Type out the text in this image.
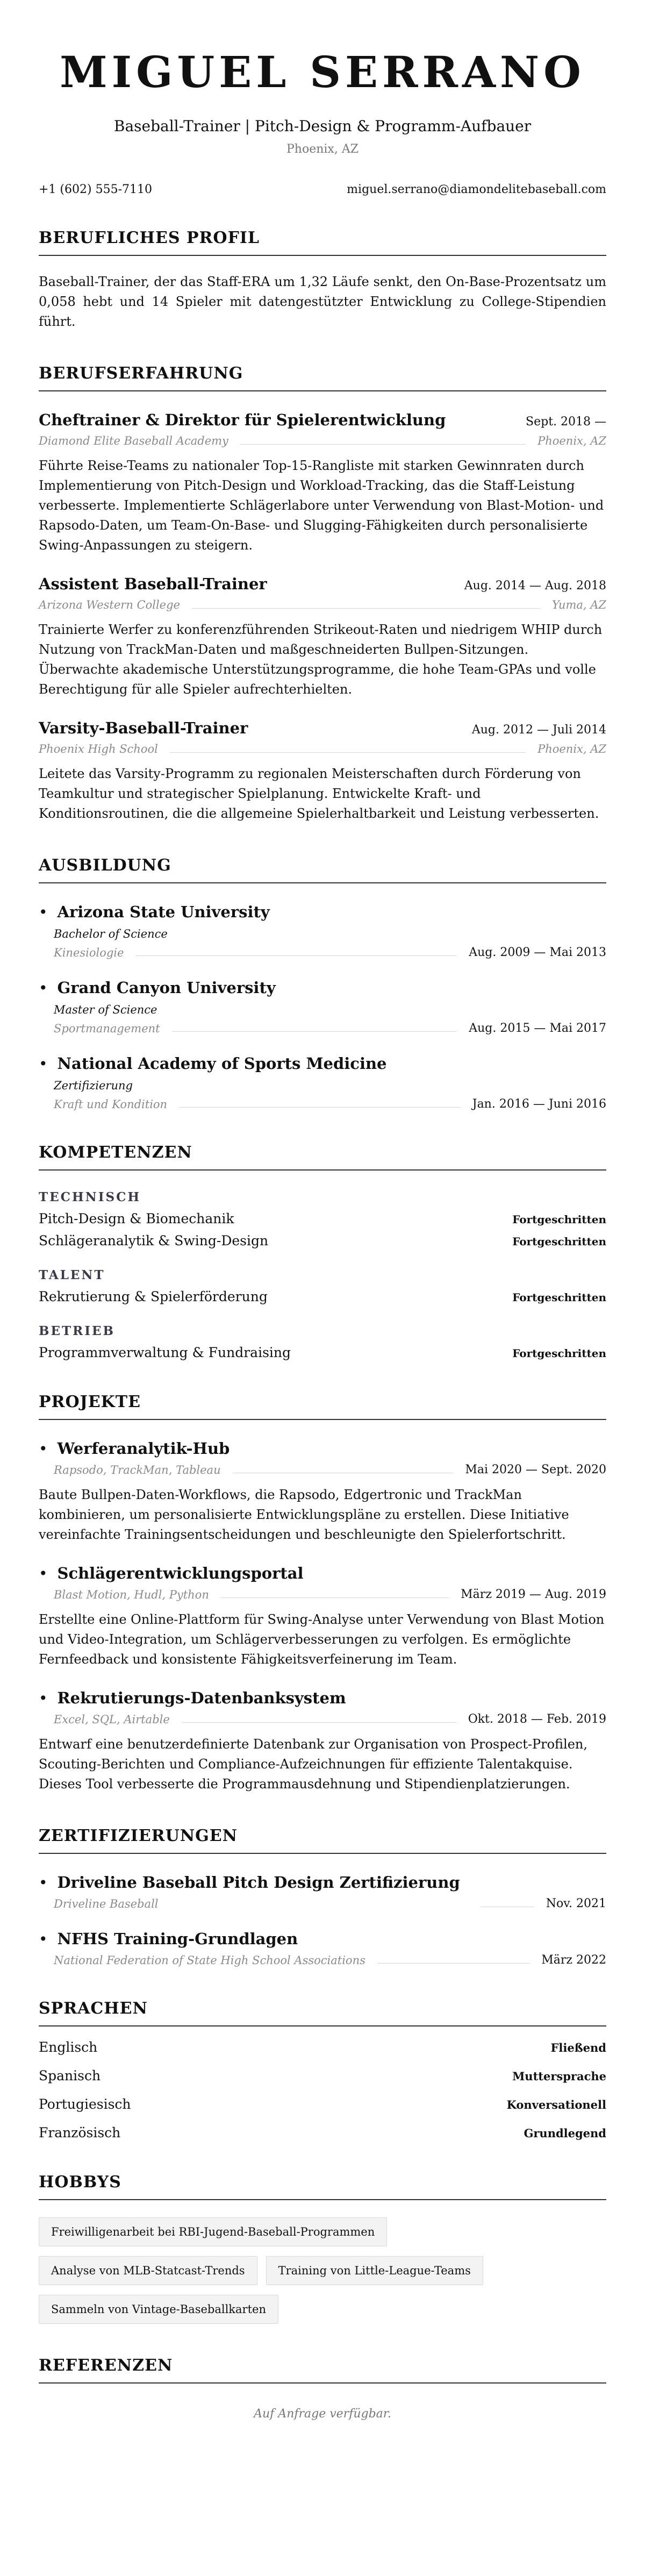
MIGUEL SERRANO
Baseball-Trainer | Pitch-Design & Programm-Aufbauer
Phoenix, AZ
+1 (602) 555-7110	miguel.serrano@diamondelitebaseball.com
BERUFLICHES PROFIL
Baseball-Trainer, der das Staff-ERA um 1,32 Läufe senkt, den On-Base-Prozentsatz um 0,058 hebt und 14 Spieler mit datengestützter Entwicklung zu College-Stipendien führt.
BERUFSERFAHRUNG
Cheftrainer & Direktor für Spielerentwicklung	Sept. 2018 —
Diamond Elite Baseball Academy	Phoenix, AZ
Führte Reise-Teams zu nationaler Top-15-Rangliste mit starken Gewinnraten durch Implementierung von Pitch-Design und Workload-Tracking, das die Staff-Leistung verbesserte. Implementierte Schlägerlabore unter Verwendung von Blast-Motion- und Rapsodo-Daten, um Team-On-Base- und Slugging-Fähigkeiten durch personalisierte Swing-Anpassungen zu steigern.
Assistent Baseball-Trainer	Aug. 2014 — Aug. 2018
Arizona Western College	Yuma, AZ
Trainierte Werfer zu konferenzführenden Strikeout-Raten und niedrigem WHIP durch Nutzung von TrackMan-Daten und maßgeschneiderten Bullpen-Sitzungen. Überwachte akademische Unterstützungsprogramme, die hohe Team-GPAs und volle Berechtigung für alle Spieler aufrechterhielten.
Varsity-Baseball-Trainer	Aug. 2012 — Juli 2014
Phoenix High School	Phoenix, AZ
Leitete das Varsity-Programm zu regionalen Meisterschaften durch Förderung von Teamkultur und strategischer Spielplanung. Entwickelte Kraft- und Konditionsroutinen, die die allgemeine Spielerhaltbarkeit und Leistung verbesserten.
AUSBILDUNG
• Arizona State University
Bachelor of Science
Kinesiologie	Aug. 2009 — Mai 2013
• Grand Canyon University
Master of Science
Sportmanagement	Aug. 2015 — Mai 2017
• National Academy of Sports Medicine
Zertifizierung
Kraft und Kondition	Jan. 2016 — Juni 2016
KOMPETENZEN
TECHNISCH
Pitch-Design & Biomechanik	Fortgeschritten
Schlägeranalytik & Swing-Design	Fortgeschritten
TALENT
Rekrutierung & Spielerförderung	Fortgeschritten
BETRIEB
Programmverwaltung & Fundraising	Fortgeschritten
PROJEKTE
• Werferanalytik-Hub
Rapsodo, TrackMan, Tableau	Mai 2020 — Sept. 2020
Baute Bullpen-Daten-Workflows, die Rapsodo, Edgertronic und TrackMan kombinieren, um personalisierte Entwicklungspläne zu erstellen. Diese Initiative vereinfachte Trainingsentscheidungen und beschleunigte den Spielerfortschritt.
• Schlägerentwicklungsportal
Blast Motion, Hudl, Python	März 2019 — Aug. 2019
Erstellte eine Online-Plattform für Swing-Analyse unter Verwendung von Blast Motion und Video-Integration, um Schlägerverbesserungen zu verfolgen. Es ermöglichte Fernfeedback und konsistente Fähigkeitsverfeinerung im Team.
• Rekrutierungs-Datenbanksystem
Excel, SQL, Airtable	Okt. 2018 — Feb. 2019
Entwarf eine benutzerdefinierte Datenbank zur Organisation von Prospect-Profilen, Scouting-Berichten und Compliance-Aufzeichnungen für effiziente Talentakquise. Dieses Tool verbesserte die Programmausdehnung und Stipendienplatzierungen.
ZERTIFIZIERUNGEN
• Driveline Baseball Pitch Design Zertifizierung
Driveline Baseball	Nov. 2021
• NFHS Training-Grundlagen
National Federation of State High School Associations	März 2022
SPRACHEN
Englisch	Fließend
Spanisch	Muttersprache
Portugiesisch	Konversationell
Französisch	Grundlegend
HOBBYS
Freiwilligenarbeit bei RBI-Jugend-Baseball-Programmen
Analyse von MLB-Statcast-Trends	Training von Little-League-Teams
Sammeln von Vintage-Baseballkarten
REFERENZEN
Auf Anfrage verfügbar.
